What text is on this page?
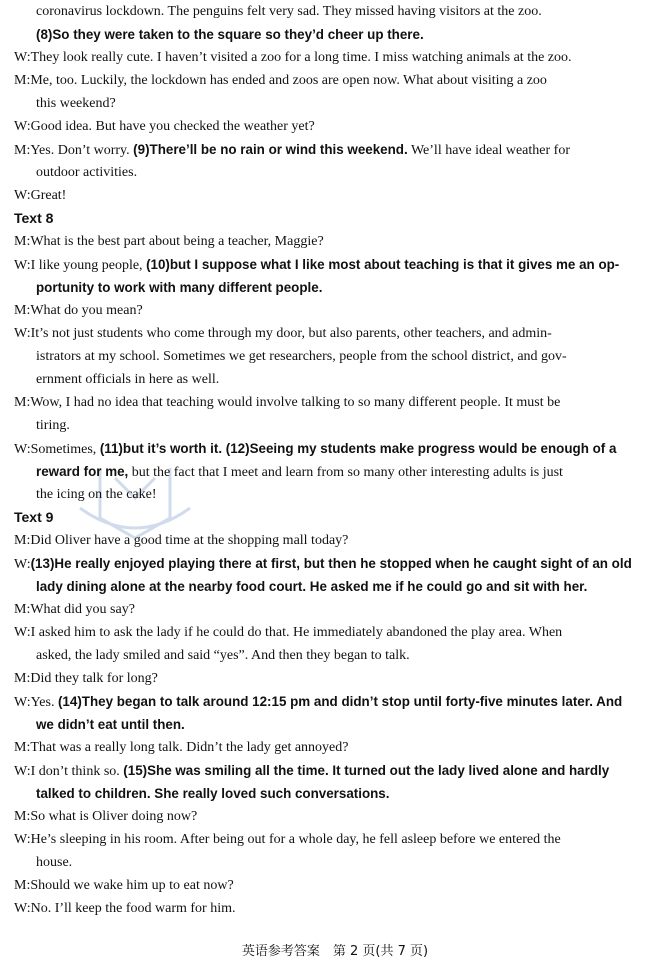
coronavirus lockdown. The penguins felt very sad. They missed having visitors at the zoo.
(8)So they were taken to the square so they’d cheer up there.
W:They look really cute. I haven’t visited a zoo for a long time. I miss watching animals at the zoo.
M:Me, too. Luckily, the lockdown has ended and zoos are open now. What about visiting a zoo
this weekend?
W:Good idea. But have you checked the weather yet?
M:Yes. Don’t worry. (9)There’ll be no rain or wind this weekend. We’ll have ideal weather for
outdoor activities.
W:Great!
Text 8
M:What is the best part about being a teacher, Maggie?
W:I like young people, (10)but I suppose what I like most about teaching is that it gives me an op-
portunity to work with many different people.
M:What do you mean?
W:It’s not just students who come through my door, but also parents, other teachers, and admin-
istrators at my school. Sometimes we get researchers, people from the school district, and gov-
ernment officials in here as well.
M:Wow, I had no idea that teaching would involve talking to so many different people. It must be
tiring.
W:Sometimes, (11)but it’s worth it. (12)Seeing my students make progress would be enough of a
reward for me, but the fact that I meet and learn from so many other interesting adults is just
the icing on the cake!
Text 9
M:Did Oliver have a good time at the shopping mall today?
W:(13)He really enjoyed playing there at first, but then he stopped when he caught sight of an old
lady dining alone at the nearby food court. He asked me if he could go and sit with her.
M:What did you say?
W:I asked him to ask the lady if he could do that. He immediately abandoned the play area. When
asked, the lady smiled and said “yes”. And then they began to talk.
M:Did they talk for long?
W:Yes. (14)They began to talk around 12:15 pm and didn’t stop until forty-five minutes later. And
we didn’t eat until then.
M:That was a really long talk. Didn’t the lady get annoyed?
W:I don’t think so. (15)She was smiling all the time. It turned out the lady lived alone and hardly
talked to children. She really loved such conversations.
M:So what is Oliver doing now?
W:He’s sleeping in his room. After being out for a whole day, he fell asleep before we entered the
house.
M:Should we wake him up to eat now?
W:No. I’ll keep the food warm for him.
英语参考答案　第 2 页(共 7 页)
